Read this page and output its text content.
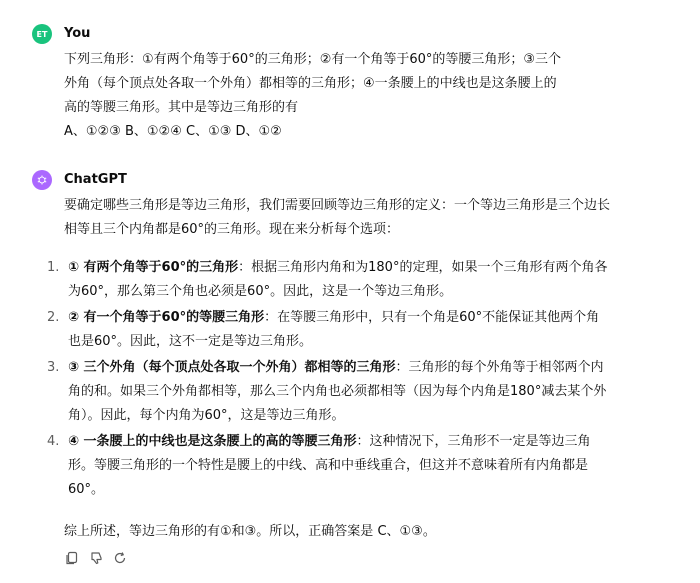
ET	You

下列三角形：①有两个角等于60°的三角形；②有一个角等于60°的等腰三角形；③三个

外角（每个顶点处各取一个外角）都相等的三角形；④一条腰上的中线也是这条腰上的

高的等腰三角形。其中是等边三角形的有

A、①②③ B、①②④ C、①③ D、①②

ChatGPT

要确定哪些三角形是等边三角形，我们需要回顾等边三角形的定义：一个等边三角形是三个边长相等且三个内角都是60°的三角形。现在来分析每个选项：

1. ① 有两个角等于60°的三角形：根据三角形内角和为180°的定理，如果一个三角形有两个角各为60°，那么第三个角也必须是60°。因此，这是一个等边三角形。
2. ② 有一个角等于60°的等腰三角形：在等腰三角形中，只有一个角是60°不能保证其他两个角也是60°。因此，这不一定是等边三角形。
3. ③ 三个外角（每个顶点处各取一个外角）都相等的三角形：三角形的每个外角等于相邻两个内角的和。如果三个外角都相等，那么三个内角也必须都相等（因为每个内角是180°减去某个外角）。因此，每个内角为60°，这是等边三角形。
4. ④ 一条腰上的中线也是这条腰上的高的等腰三角形：这种情况下，三角形不一定是等边三角形。等腰三角形的一个特性是腰上的中线、高和中垂线重合，但这并不意味着所有内角都是60°。

综上所述，等边三角形的有①和③。所以，正确答案是 C、①③。
